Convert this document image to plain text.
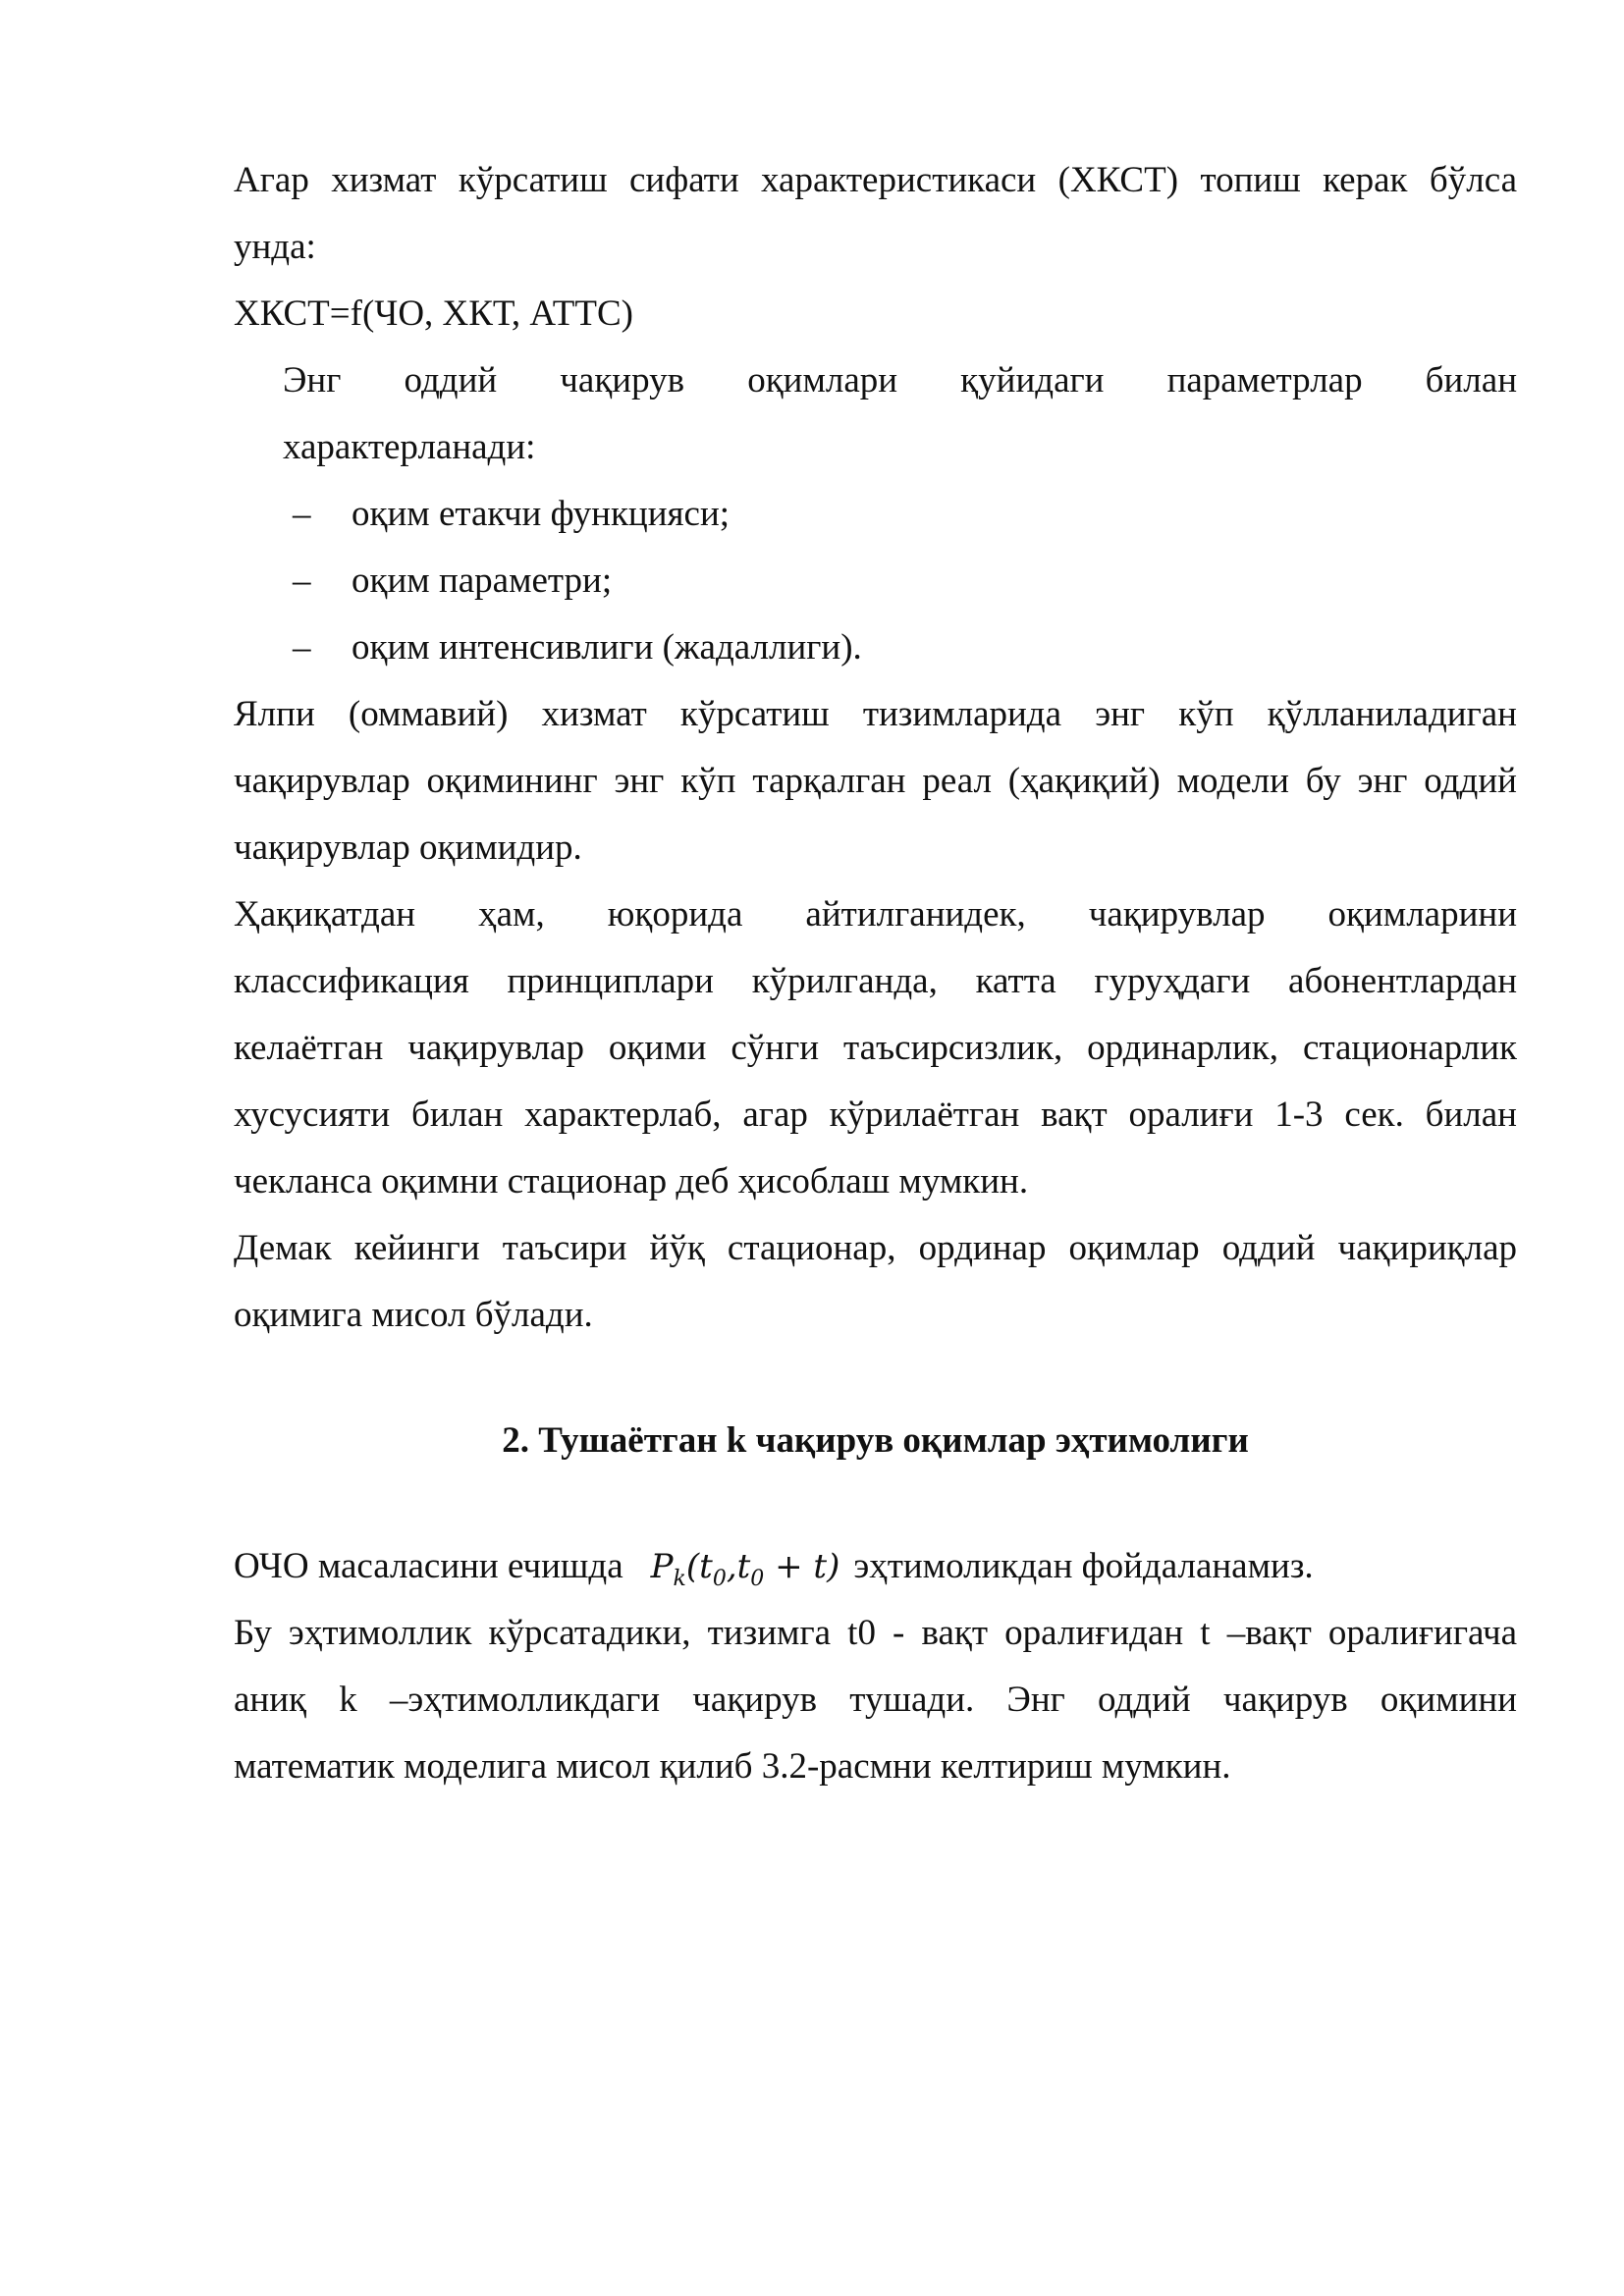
Агар хизмат кўрсатиш сифати характеристикаси (ХКСТ) топиш керак бўлса
унда:
ХКСТ=f(ЧО, ХКТ, АТТС)
Энг оддий чақирув оқимлари қуйидаги параметрлар билан
характерланади:
– оқим етакчи функцияси;
– оқим параметри;
– оқим интенсивлиги (жадаллиги).
Ялпи (оммавий) хизмат кўрсатиш тизимларида энг кўп қўлланиладиган
чақирувлар оқимининг энг кўп тарқалган реал (ҳақиқий) модели бу энг оддий
чақирувлар оқимидир.
Ҳақиқатдан ҳам, юқорида айтилганидек, чақирувлар оқимларини
классификация принциплари кўрилганда, катта гуруҳдаги абонентлардан
келаётган чақирувлар оқими сўнги таъсирсизлик, ординарлик, стационарлик
хусусияти билан характерлаб, агар кўрилаётган вақт оралиғи 1-3 сек. билан
чекланса оқимни стационар деб ҳисоблаш мумкин.
Демак кейинги таъсири йўқ стационар, ординар оқимлар оддий чақириқлар
оқимига мисол бўлади.
2. Тушаётган k чақирув оқимлар эҳтимолиги
ОЧО масаласини ечишда $P_k(t_0,t_0 + t)$ эҳтимоликдан фойдаланамиз.
Бу эҳтимоллик кўрсатадики, тизимга t0 - вақт оралиғидан t –вақт оралиғигача
аниқ k –эҳтимолликдаги чақирув тушади. Энг оддий чақирув оқимини
математик моделига мисол қилиб 3.2-расмни келтириш мумкин.
